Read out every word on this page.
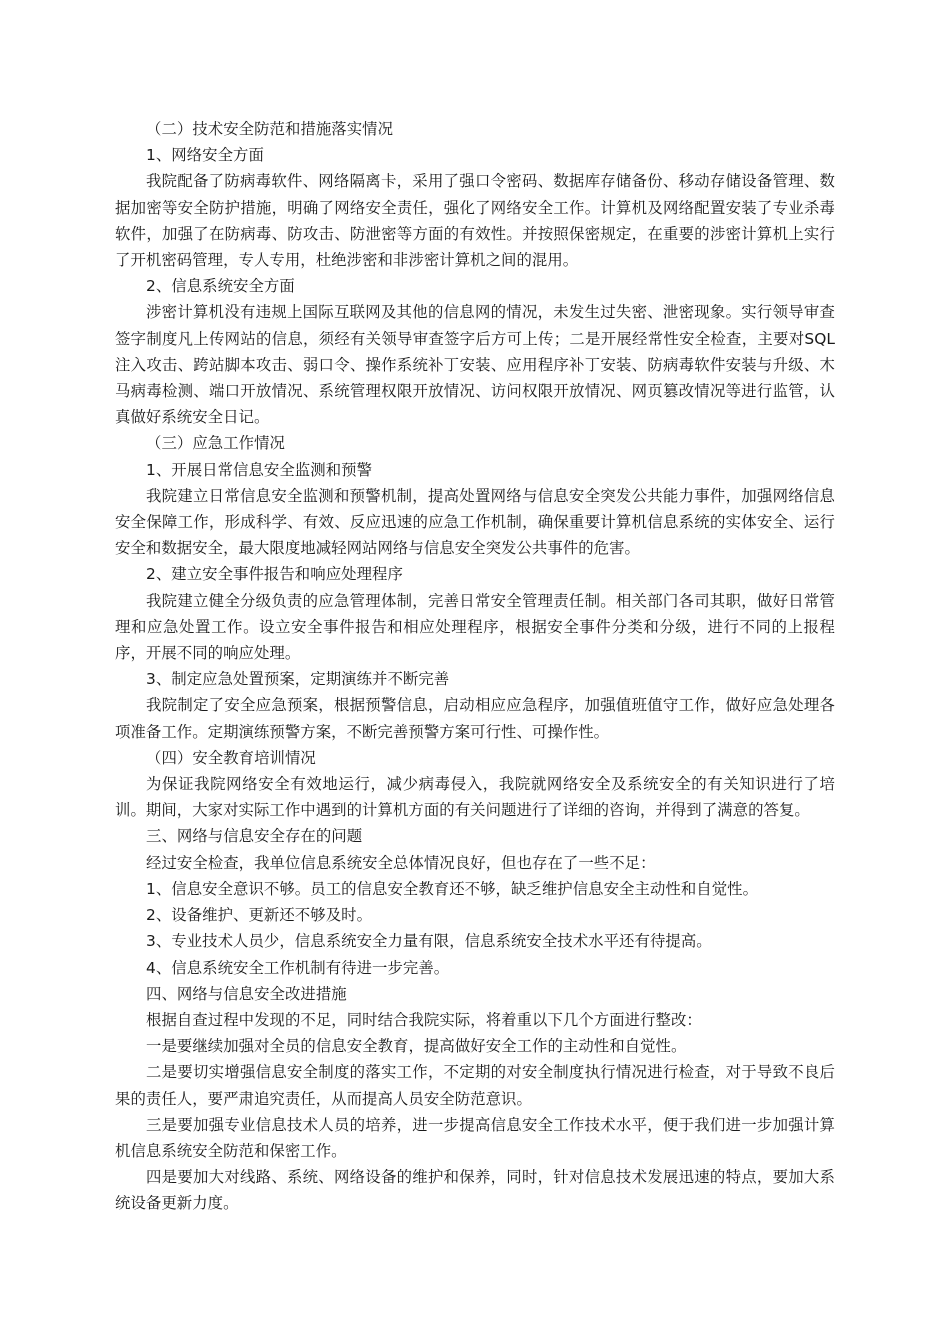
（二）技术安全防范和措施落实情况

1、网络安全方面

我院配备了防病毒软件、网络隔离卡，采用了强口令密码、数据库存储备份、移动存储设备管理、数据加密等安全防护措施，明确了网络安全责任，强化了网络安全工作。计算机及网络配置安装了专业杀毒软件，加强了在防病毒、防攻击、防泄密等方面的有效性。并按照保密规定，在重要的涉密计算机上实行了开机密码管理，专人专用，杜绝涉密和非涉密计算机之间的混用。

2、信息系统安全方面

涉密计算机没有违规上国际互联网及其他的信息网的情况，未发生过失密、泄密现象。实行领导审查签字制度凡上传网站的信息，须经有关领导审查签字后方可上传；二是开展经常性安全检查，主要对SQL注入攻击、跨站脚本攻击、弱口令、操作系统补丁安装、应用程序补丁安装、防病毒软件安装与升级、木马病毒检测、端口开放情况、系统管理权限开放情况、访问权限开放情况、网页篡改情况等进行监管，认真做好系统安全日记。

（三）应急工作情况

1、开展日常信息安全监测和预警

我院建立日常信息安全监测和预警机制，提高处置网络与信息安全突发公共能力事件，加强网络信息安全保障工作，形成科学、有效、反应迅速的应急工作机制，确保重要计算机信息系统的实体安全、运行安全和数据安全，最大限度地减轻网站网络与信息安全突发公共事件的危害。

2、建立安全事件报告和响应处理程序

我院建立健全分级负责的应急管理体制，完善日常安全管理责任制。相关部门各司其职，做好日常管理和应急处置工作。设立安全事件报告和相应处理程序，根据安全事件分类和分级，进行不同的上报程序，开展不同的响应处理。

3、制定应急处置预案，定期演练并不断完善

我院制定了安全应急预案，根据预警信息，启动相应应急程序，加强值班值守工作，做好应急处理各项准备工作。定期演练预警方案，不断完善预警方案可行性、可操作性。

（四）安全教育培训情况

为保证我院网络安全有效地运行，减少病毒侵入，我院就网络安全及系统安全的有关知识进行了培训。期间，大家对实际工作中遇到的计算机方面的有关问题进行了详细的咨询，并得到了满意的答复。

三、网络与信息安全存在的问题

经过安全检查，我单位信息系统安全总体情况良好，但也存在了一些不足：

1、信息安全意识不够。员工的信息安全教育还不够，缺乏维护信息安全主动性和自觉性。

2、设备维护、更新还不够及时。

3、专业技术人员少，信息系统安全力量有限，信息系统安全技术水平还有待提高。

4、信息系统安全工作机制有待进一步完善。

四、网络与信息安全改进措施

根据自查过程中发现的不足，同时结合我院实际，将着重以下几个方面进行整改：

一是要继续加强对全员的信息安全教育，提高做好安全工作的主动性和自觉性。

二是要切实增强信息安全制度的落实工作，不定期的对安全制度执行情况进行检查，对于导致不良后果的责任人，要严肃追究责任，从而提高人员安全防范意识。

三是要加强专业信息技术人员的培养，进一步提高信息安全工作技术水平，便于我们进一步加强计算机信息系统安全防范和保密工作。

四是要加大对线路、系统、网络设备的维护和保养，同时，针对信息技术发展迅速的特点，要加大系统设备更新力度。
